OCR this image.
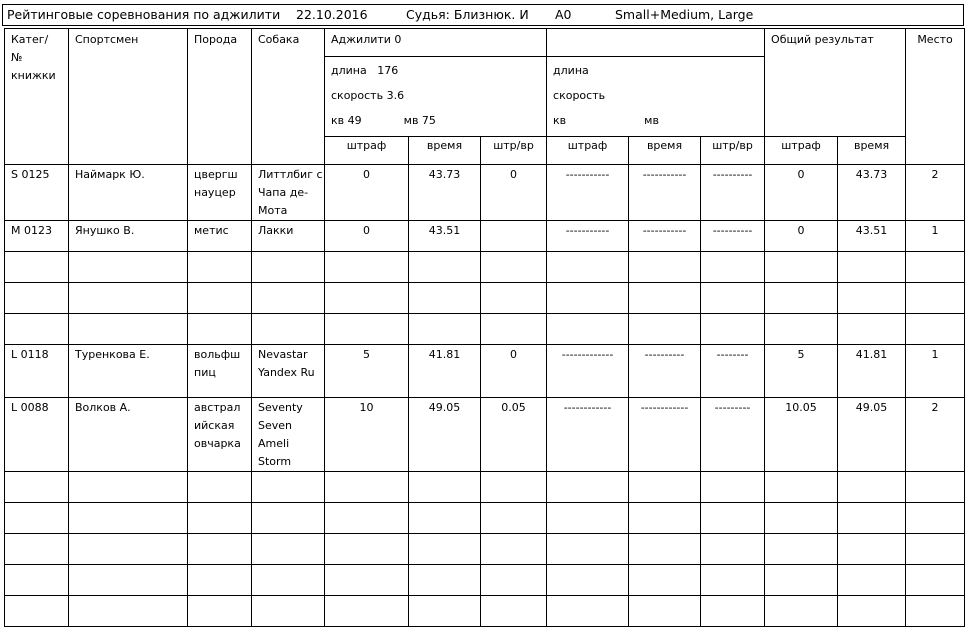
Рейтинговые соревнования по аджилити 22.10.2016	Судья: Близнюк. И А0	Small+Medium, Large
Катег/ № книжки	Спортсмен	Порода	Собака	Аджилити 0						Общий результат		Место

				длина 176
скорость 3.6
кв 49 мв 75			длина
скорость
кв мв					

				штраф	время	штр/вр	штраф	время	штр/вр	штраф	время	

S 0125	Наймарк Ю.	цвергш науцер	Литтлбиг с Чапа де-Мота	0	43.73	0	-----------	-----------	----------	0	43.73	2
M 0123	Янушко В.	метис	Лакки	0	43.51		-----------	-----------	----------	0	43.51	1

L 0118	Туренкова Е.	вольфш пиц	Nevastar Yandex Ru	5	41.81	0	-------------	----------	--------	5	41.81	1
L 0088	Волков А.	австрал ийская овчарка	Seventy Seven Ameli Storm	10	49.05	0.05	------------	------------	---------	10.05	49.05	2
